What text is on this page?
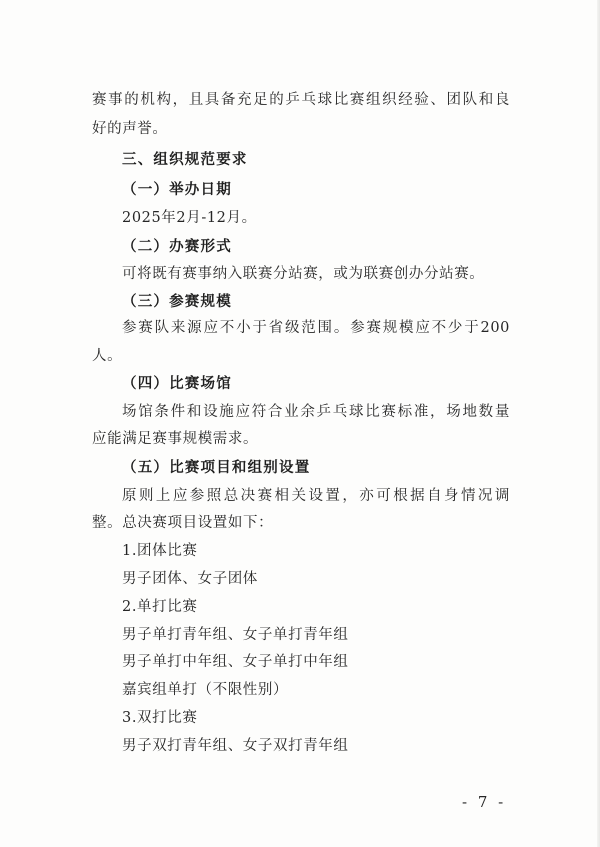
赛事的机构，且具备充足的乒乓球比赛组织经验、团队和良
好的声誉。
三、组织规范要求
（一）举办日期
2025年2月-12月。
（二）办赛形式
可将既有赛事纳入联赛分站赛，或为联赛创办分站赛。
（三）参赛规模
参赛队来源应不小于省级范围。参赛规模应不少于200
人。
（四）比赛场馆
场馆条件和设施应符合业余乒乓球比赛标准，场地数量
应能满足赛事规模需求。
（五）比赛项目和组别设置
原则上应参照总决赛相关设置，亦可根据自身情况调
整。总决赛项目设置如下：
1.团体比赛
男子团体、女子团体
2.单打比赛
男子单打青年组、女子单打青年组
男子单打中年组、女子单打中年组
嘉宾组单打（不限性别）
3.双打比赛
男子双打青年组、女子双打青年组
- 7 -
